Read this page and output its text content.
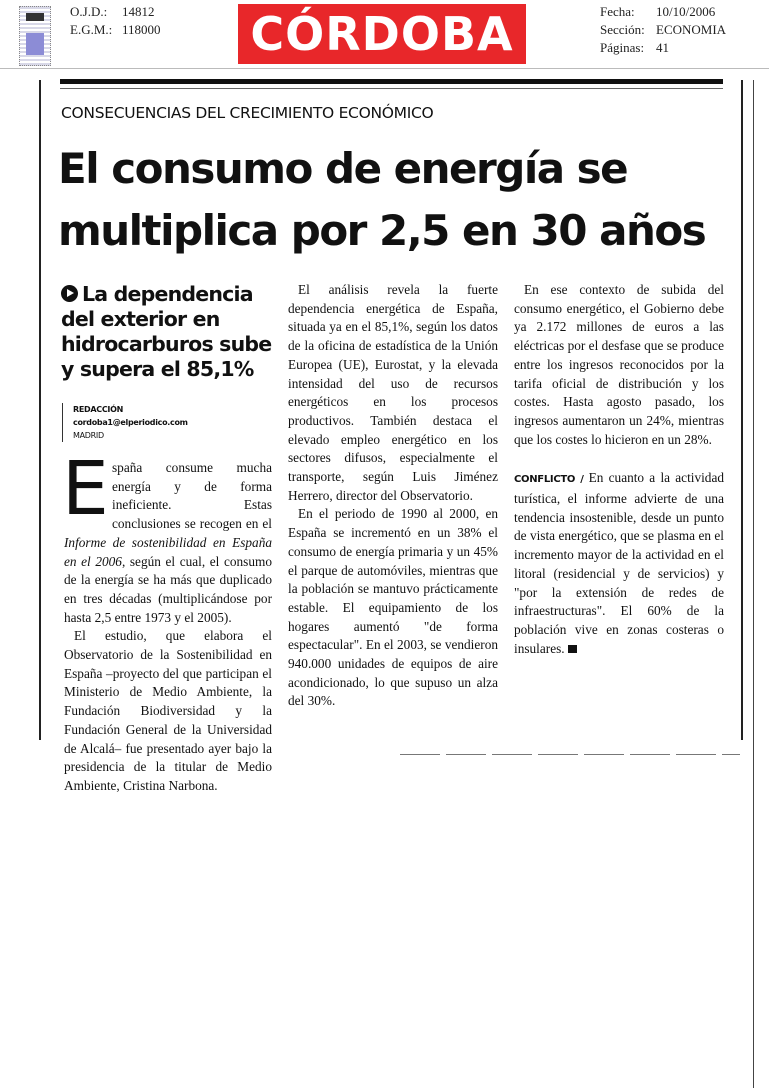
O.J.D.: 14812
E.G.M.: 118000 CÓRDOBA	Fecha: 10/10/2006
Sección: ECONOMIA
Páginas: 41
CONSECUENCIAS DEL CRECIMIENTO ECONÓMICO
El consumo de energía se
multiplica por 2,5 en 30 años
La dependencia del exterior en hidrocarburos sube y supera el 85,1%
REDACCIÓN
cordoba1@elperiodico.com
MADRID

España consume mucha energía y de forma ineficiente. Estas conclusiones se recogen en el Informe de sostenibilidad en España en el 2006, según el cual, el consumo de la energía se ha más que duplicado en tres décadas (multiplicándose por hasta 2,5 entre 1973 y el 2005).

El estudio, que elabora el Observatorio de la Sostenibilidad en España –proyecto del que participan el Ministerio de Medio Ambiente, la Fundación Biodiversidad y la Fundación General de la Universidad de Alcalá– fue presentado ayer bajo la presidencia de la titular de Medio Ambiente, Cristina Narbona.

El análisis revela la fuerte dependencia energética de España, situada ya en el 85,1%, según los datos de la oficina de estadística de la Unión Europea (UE), Eurostat, y la elevada intensidad del uso de recursos energéticos en los procesos productivos. También destaca el elevado empleo energético en los sectores difusos, especialmente el transporte, según Luis Jiménez Herrero, director del Observatorio.

En el periodo de 1990 al 2000, en España se incrementó en un 38% el consumo de energía primaria y un 45% el parque de automóviles, mientras que la población se mantuvo prácticamente estable. El equipamiento de los hogares aumentó "de forma espectacular". En el 2003, se vendieron 940.000 unidades de equipos de aire acondicionado, lo que supuso un alza del 30%.

En ese contexto de subida del consumo energético, el Gobierno debe ya 2.172 millones de euros a las eléctricas por el desfase que se produce entre los ingresos reconocidos por la tarifa oficial de distribución y los costes. Hasta agosto pasado, los ingresos aumentaron un 24%, mientras que los costes lo hicieron en un 28%.

CONFLICTO / En cuanto a la actividad turística, el informe advierte de una tendencia insostenible, desde un punto de vista energético, que se plasma en el incremento mayor de la actividad en el litoral (residencial y de servicios) y "por la extensión de redes de infraestructuras". El 60% de la población vive en zonas costeras o insulares.
